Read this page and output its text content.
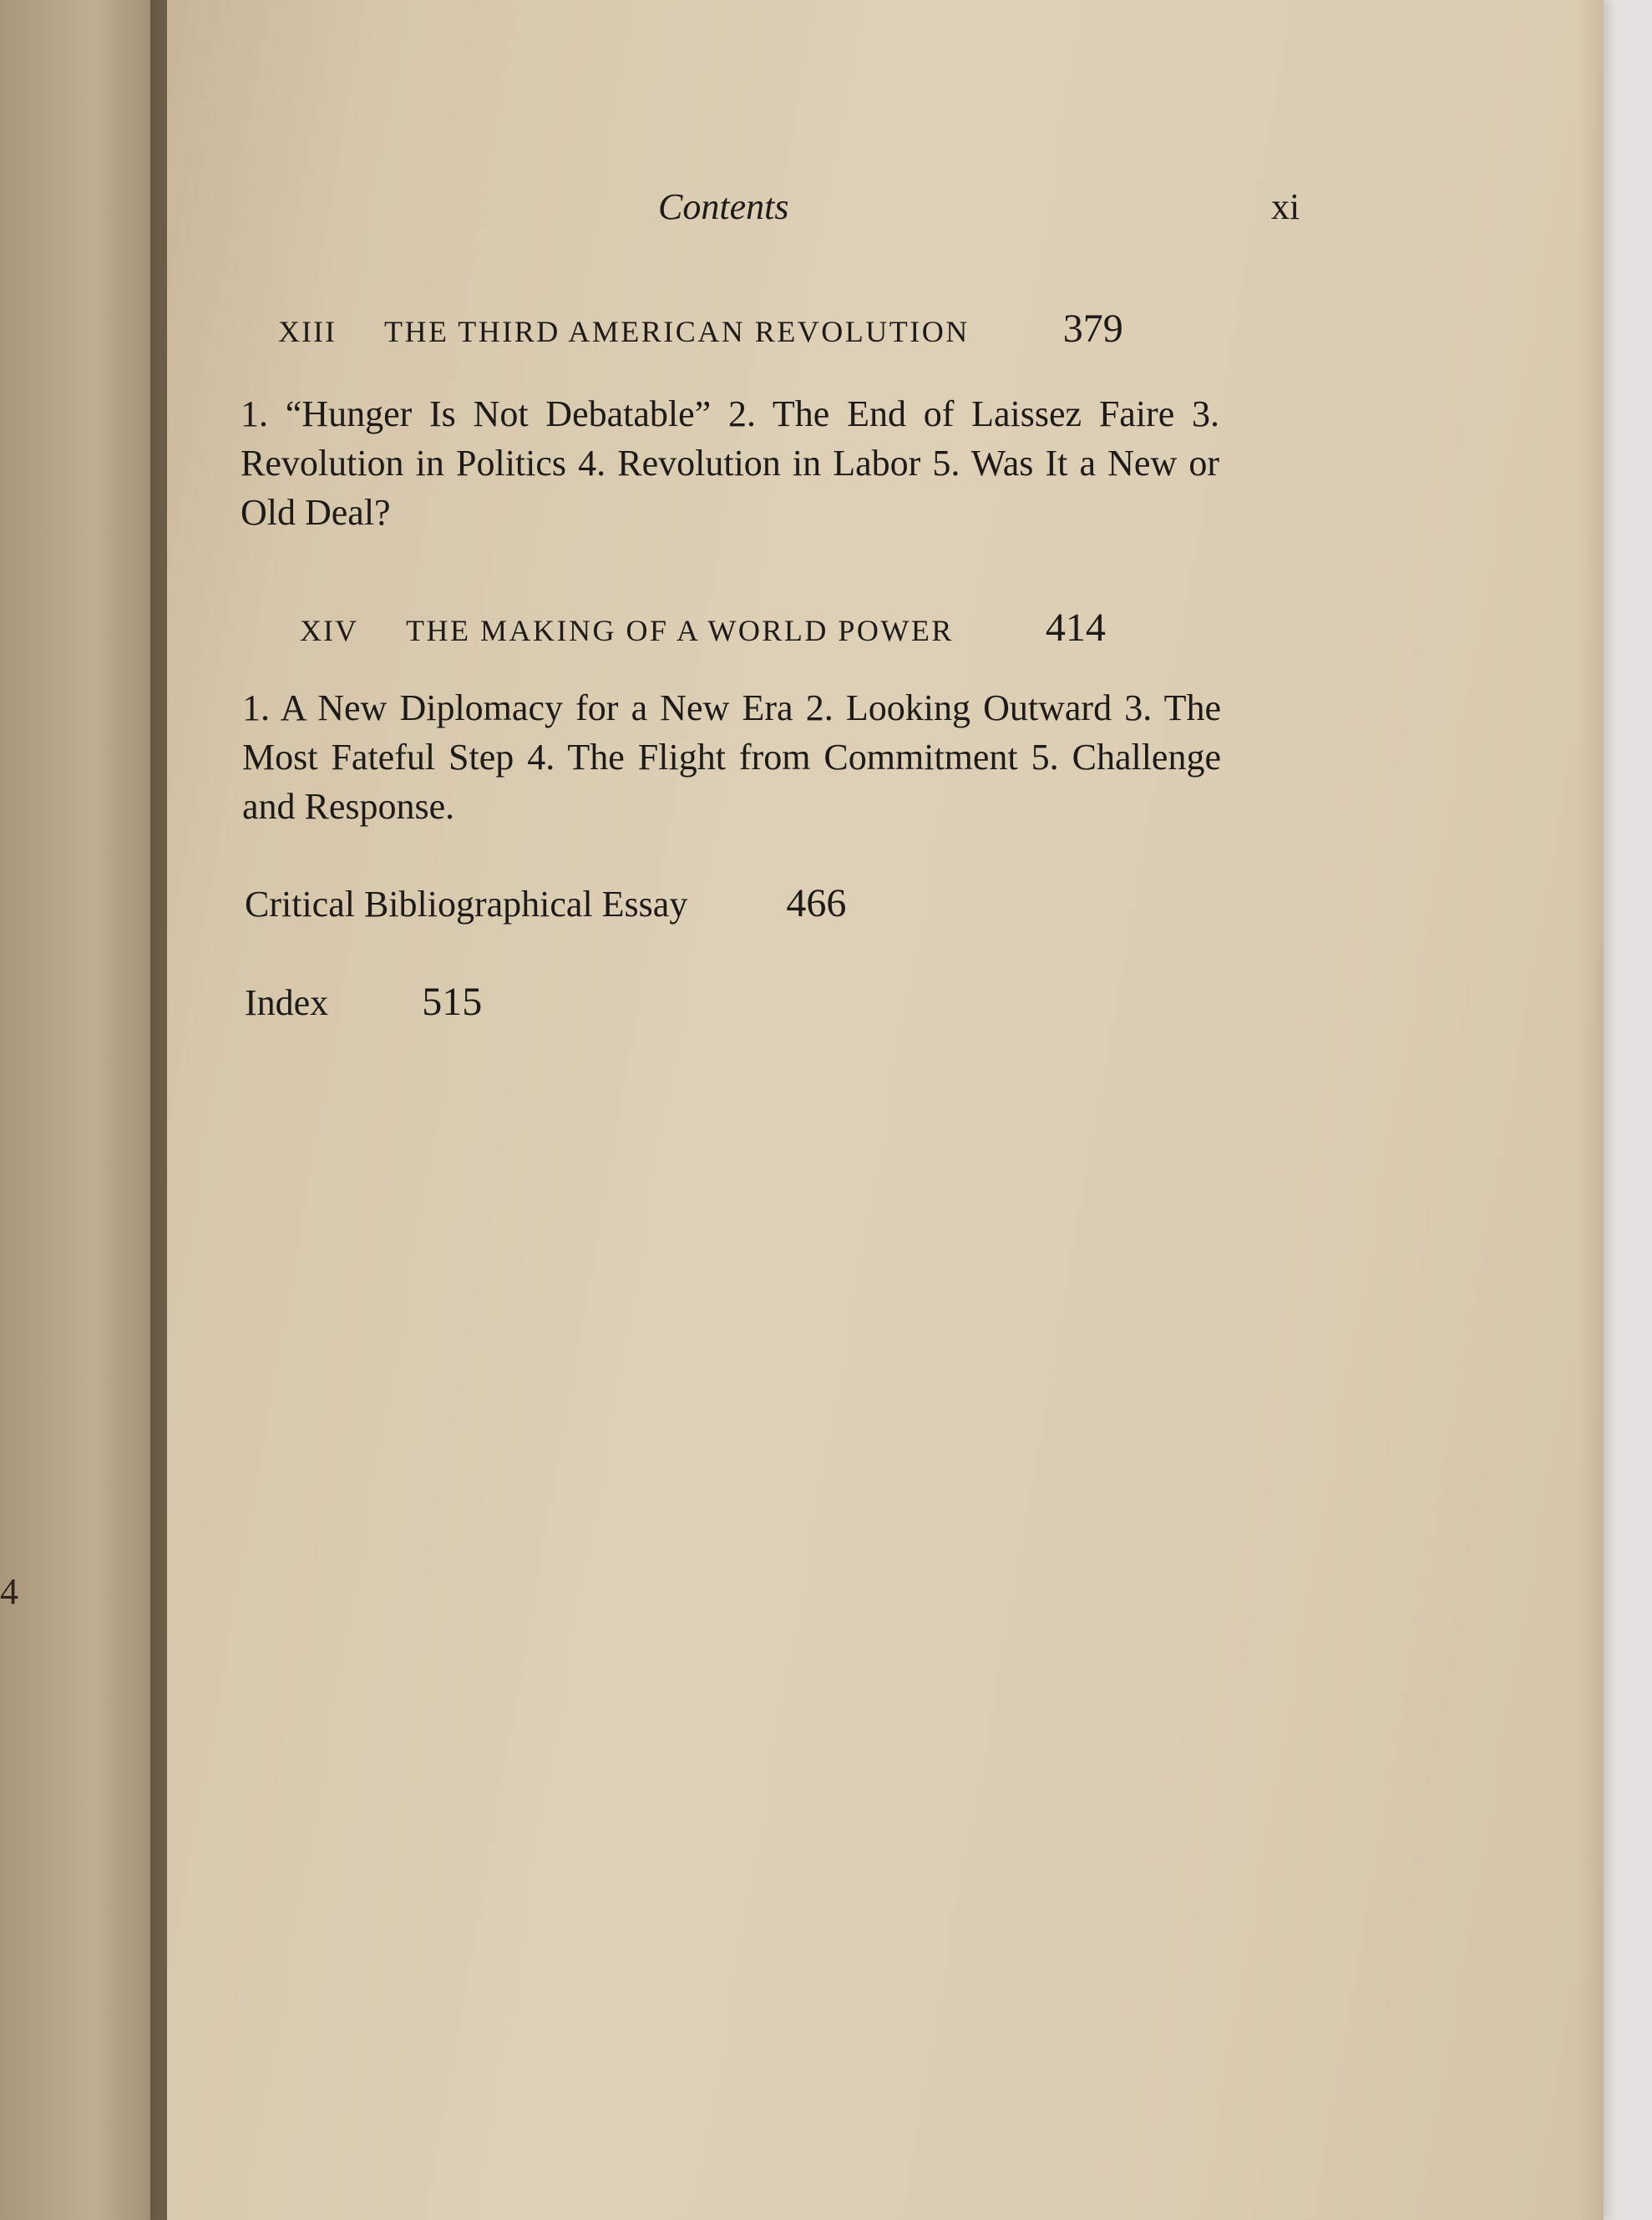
4
Contents	xi
XIII THE THIRD AMERICAN REVOLUTION 379
1. “Hunger Is Not Debatable” 2. The End of Laissez Faire 3. Revolution in Politics 4. Revolution in Labor 5. Was It a New or Old Deal?
XIV THE MAKING OF A WORLD POWER 414
1. A New Diplomacy for a New Era 2. Looking Outward 3. The Most Fateful Step 4. The Flight from Commitment 5. Challenge and Response.
Critical Bibliographical Essay 466
Index 515
